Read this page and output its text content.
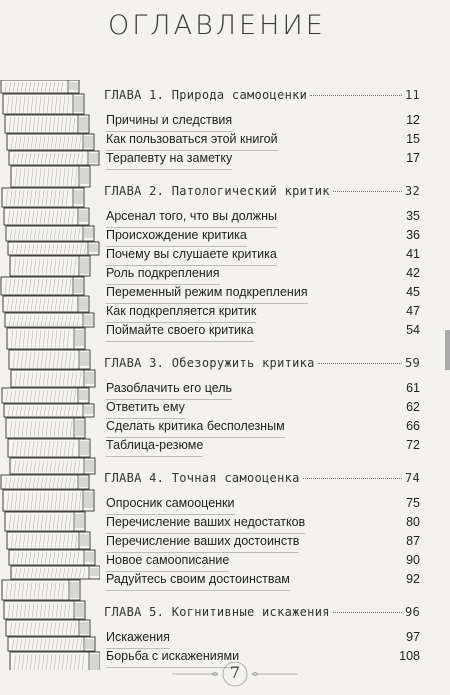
ОГЛАВЛЕНИЕ
ГЛАВА 1. Природа самооценки	11
Причины и следствия	12
Как пользоваться этой книгой	15
Терапевту на заметку	17
ГЛАВА 2. Патологический критик	32
Арсенал того, что вы должны	35
Происхождение критика	36
Почему вы слушаете критика	41
Роль подкрепления	42
Переменный режим подкрепления	45
Как подкрепляется критик	47
Поймайте своего критика	54
ГЛАВА 3. Обезоружить критика	59
Разоблачить его цель	61
Ответить ему	62
Сделать критика бесполезным	66
Таблица-резюме	72
ГЛАВА 4. Точная самооценка	74
Опросник самооценки	75
Перечисление ваших недостатков	80
Перечисление ваших достоинств	87
Новое самоописание	90
Радуйтесь своим достоинствам	92
ГЛАВА 5. Когнитивные искажения	96
Искажения	97
Борьба с искажениями	108
7
